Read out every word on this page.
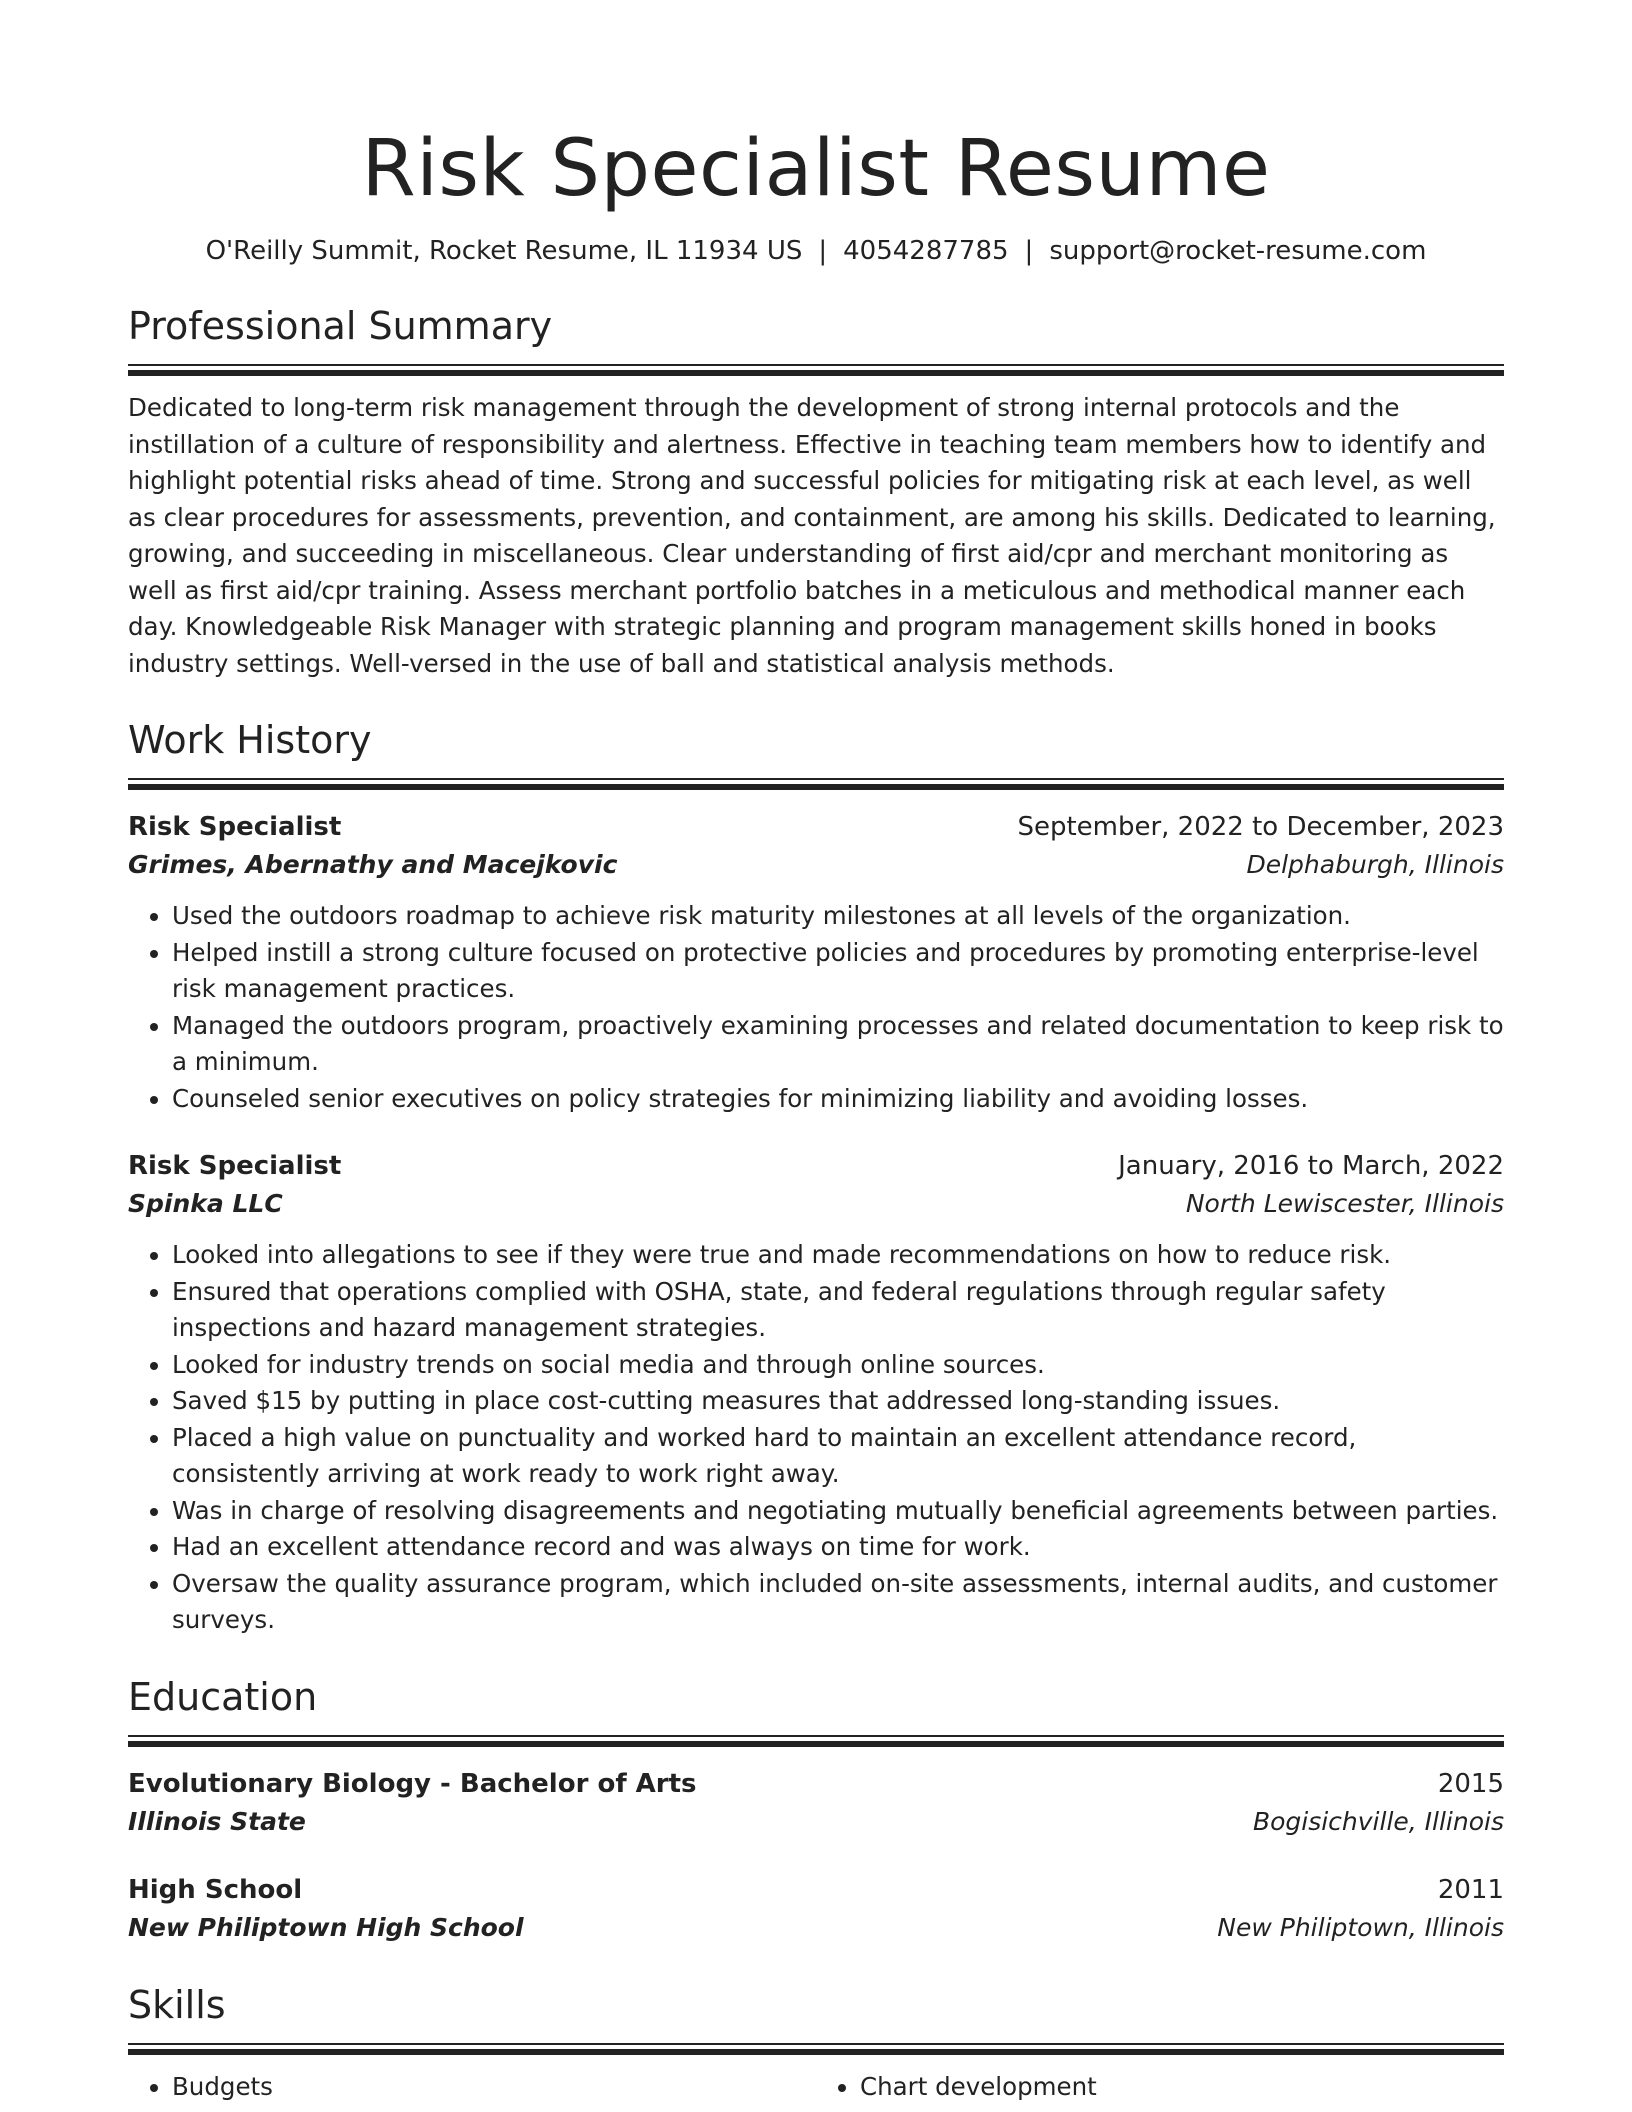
Risk Specialist Resume
O'Reilly Summit, Rocket Resume, IL 11934 US | 4054287785 | support@rocket-resume.com
Professional Summary
Dedicated to long-term risk management through the development of strong internal protocols and the instillation of a culture of responsibility and alertness. Effective in teaching team members how to identify and highlight potential risks ahead of time. Strong and successful policies for mitigating risk at each level, as well as clear procedures for assessments, prevention, and containment, are among his skills. Dedicated to learning, growing, and succeeding in miscellaneous. Clear understanding of first aid/cpr and merchant monitoring as well as first aid/cpr training. Assess merchant portfolio batches in a meticulous and methodical manner each day. Knowledgeable Risk Manager with strategic planning and program management skills honed in books industry settings. Well-versed in the use of ball and statistical analysis methods.
Work History
Risk Specialist	September, 2022 to December, 2023
Grimes, Abernathy and Macejkovic	Delphaburgh, Illinois
• Used the outdoors roadmap to achieve risk maturity milestones at all levels of the organization.
• Helped instill a strong culture focused on protective policies and procedures by promoting enterprise-level risk management practices.
• Managed the outdoors program, proactively examining processes and related documentation to keep risk to a minimum.
• Counseled senior executives on policy strategies for minimizing liability and avoiding losses.
Risk Specialist	January, 2016 to March, 2022
Spinka LLC	North Lewiscester, Illinois
• Looked into allegations to see if they were true and made recommendations on how to reduce risk.
• Ensured that operations complied with OSHA, state, and federal regulations through regular safety inspections and hazard management strategies.
• Looked for industry trends on social media and through online sources.
• Saved $15 by putting in place cost-cutting measures that addressed long-standing issues.
• Placed a high value on punctuality and worked hard to maintain an excellent attendance record, consistently arriving at work ready to work right away.
• Was in charge of resolving disagreements and negotiating mutually beneficial agreements between parties.
• Had an excellent attendance record and was always on time for work.
• Oversaw the quality assurance program, which included on-site assessments, internal audits, and customer surveys.
Education
Evolutionary Biology - Bachelor of Arts	2015
Illinois State	Bogisichville, Illinois
High School	2011
New Philiptown High School	New Philiptown, Illinois
Skills
• Budgets
•	Chart development
